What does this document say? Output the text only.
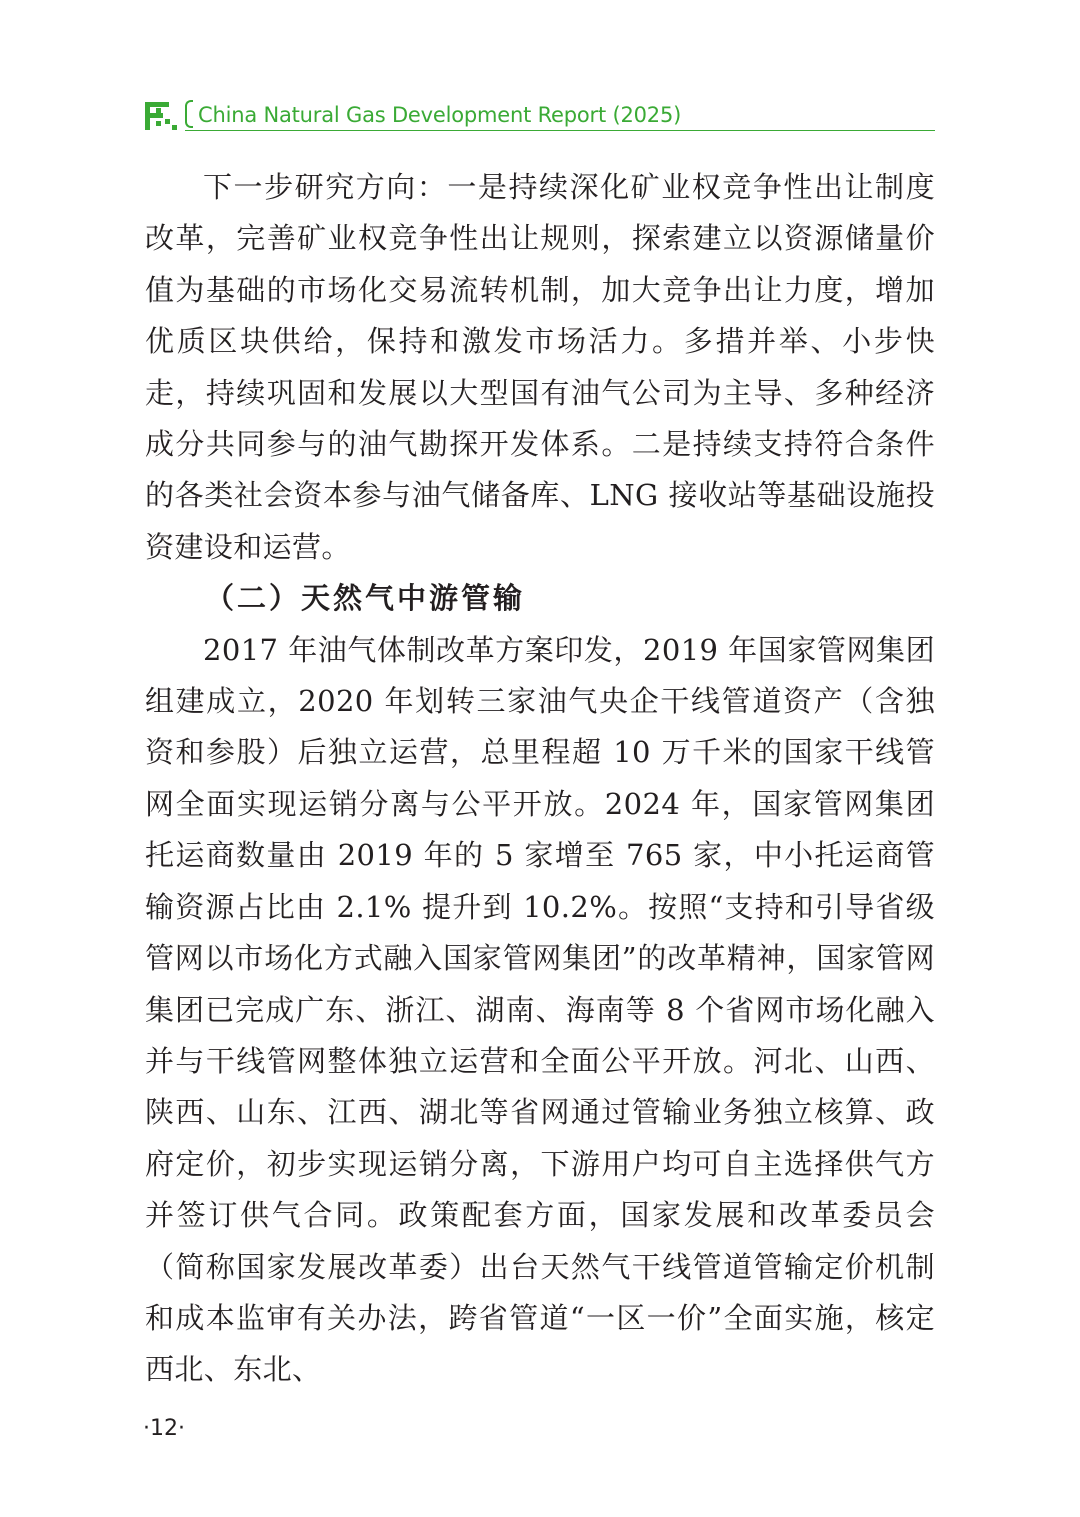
China Natural Gas Development Report (2025)

下一步研究方向：一是持续深化矿业权竞争性出让制度改革，完善矿业权竞争性出让规则，探索建立以资源储量价值为基础的市场化交易流转机制，加大竞争出让力度，增加优质区块供给，保持和激发市场活力。多措并举、小步快走，持续巩固和发展以大型国有油气公司为主导、多种经济成分共同参与的油气勘探开发体系。二是持续支持符合条件的各类社会资本参与油气储备库、LNG 接收站等基础设施投资建设和运营。

（二）天然气中游管输

2017 年油气体制改革方案印发，2019 年国家管网集团组建成立，2020 年划转三家油气央企干线管道资产（含独资和参股）后独立运营，总里程超 10 万千米的国家干线管网全面实现运销分离与公平开放。2024 年，国家管网集团托运商数量由 2019 年的 5 家增至 765 家，中小托运商管输资源占比由 2.1% 提升到 10.2%。按照“支持和引导省级管网以市场化方式融入国家管网集团”的改革精神，国家管网集团已完成广东、浙江、湖南、海南等 8 个省网市场化融入并与干线管网整体独立运营和全面公平开放。河北、山西、陕西、山东、江西、湖北等省网通过管输业务独立核算、政府定价，初步实现运销分离，下游用户均可自主选择供气方并签订供气合同。政策配套方面，国家发展和改革委员会（简称国家发展改革委）出台天然气干线管道管输定价机制和成本监审有关办法，跨省管道“一区一价”全面实施，核定西北、东北、

·12·
